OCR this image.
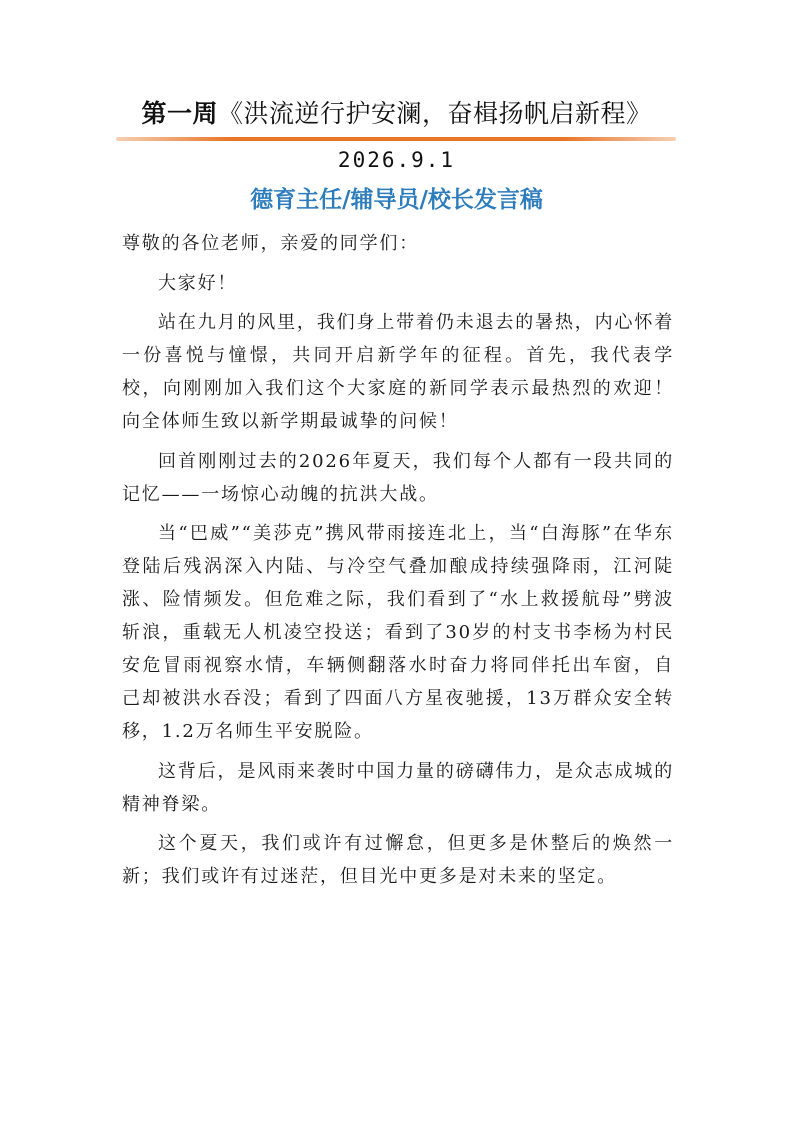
第一周《洪流逆行护安澜，奋楫扬帆启新程》
2026.9.1
德育主任/辅导员/校长发言稿

尊敬的各位老师，亲爱的同学们：

大家好！

站在九月的风里，我们身上带着仍未退去的暑热，内心怀着一份喜悦与憧憬，共同开启新学年的征程。首先，我代表学校，向刚刚加入我们这个大家庭的新同学表示最热烈的欢迎！向全体师生致以新学期最诚挚的问候！

回首刚刚过去的2026年夏天，我们每个人都有一段共同的记忆——一场惊心动魄的抗洪大战。

当“巴威”“美莎克”携风带雨接连北上，当“白海豚”在华东登陆后残涡深入内陆、与冷空气叠加酿成持续强降雨，江河陡涨、险情频发。但危难之际，我们看到了“水上救援航母”劈波斩浪，重载无人机凌空投送；看到了30岁的村支书李杨为村民安危冒雨视察水情，车辆侧翻落水时奋力将同伴托出车窗，自己却被洪水吞没；看到了四面八方星夜驰援，13万群众安全转移，1.2万名师生平安脱险。

这背后，是风雨来袭时中国力量的磅礴伟力，是众志成城的精神脊梁。

这个夏天，我们或许有过懈怠，但更多是休整后的焕然一新；我们或许有过迷茫，但目光中更多是对未来的坚定。
